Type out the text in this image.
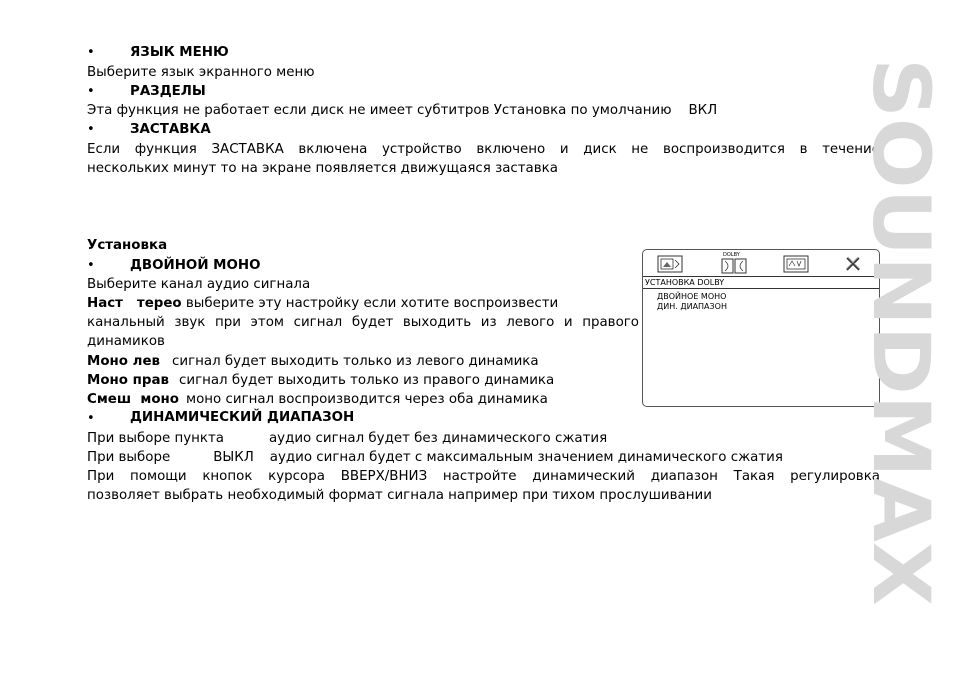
•	ЯЗЫК МЕНЮ
Выберите язык экранного меню
•	РАЗДЕЛЫ
Эта функция не работает если диск не имеет субтитров Установка по умолчанию ВКЛ
•	ЗАСТАВКА
Если функция ЗАСТАВКА включена устройство включено и диск не воспроизводится в течение
нескольких минут то на экране появляется движущаяся заставка
Установка
•	ДВОЙНОЙ МОНО
Выберите канал аудио сигнала
Наст   терео выберите эту настройку если хотите воспроизвести
канальный звук при этом сигнал будет выходить из левого и правого
динамиков
Моно лев сигнал будет выходить только из левого динамика
Моно прав сигнал будет выходить только из правого динамика
Смеш  моно моно сигнал воспроизводится через оба динамика
•	ДИНАМИЧЕСКИЙ ДИАПАЗОН
При выборе пункта	аудио сигнал будет без динамического сжатия
При выборе	ВЫКЛ аудио сигнал будет с максимальным значением динамического сжатия
При помощи кнопок курсора ВВЕРХ/ВНИЗ настройте динамический диапазон Такая регулировка
позволяет выбрать необходимый формат сигнала например при тихом прослушивании
DOLBY
УСТАНОВКА DOLBY
ДВОЙНОЕ МОНО
ДИН. ДИАПАЗОН SOUNDMAX
